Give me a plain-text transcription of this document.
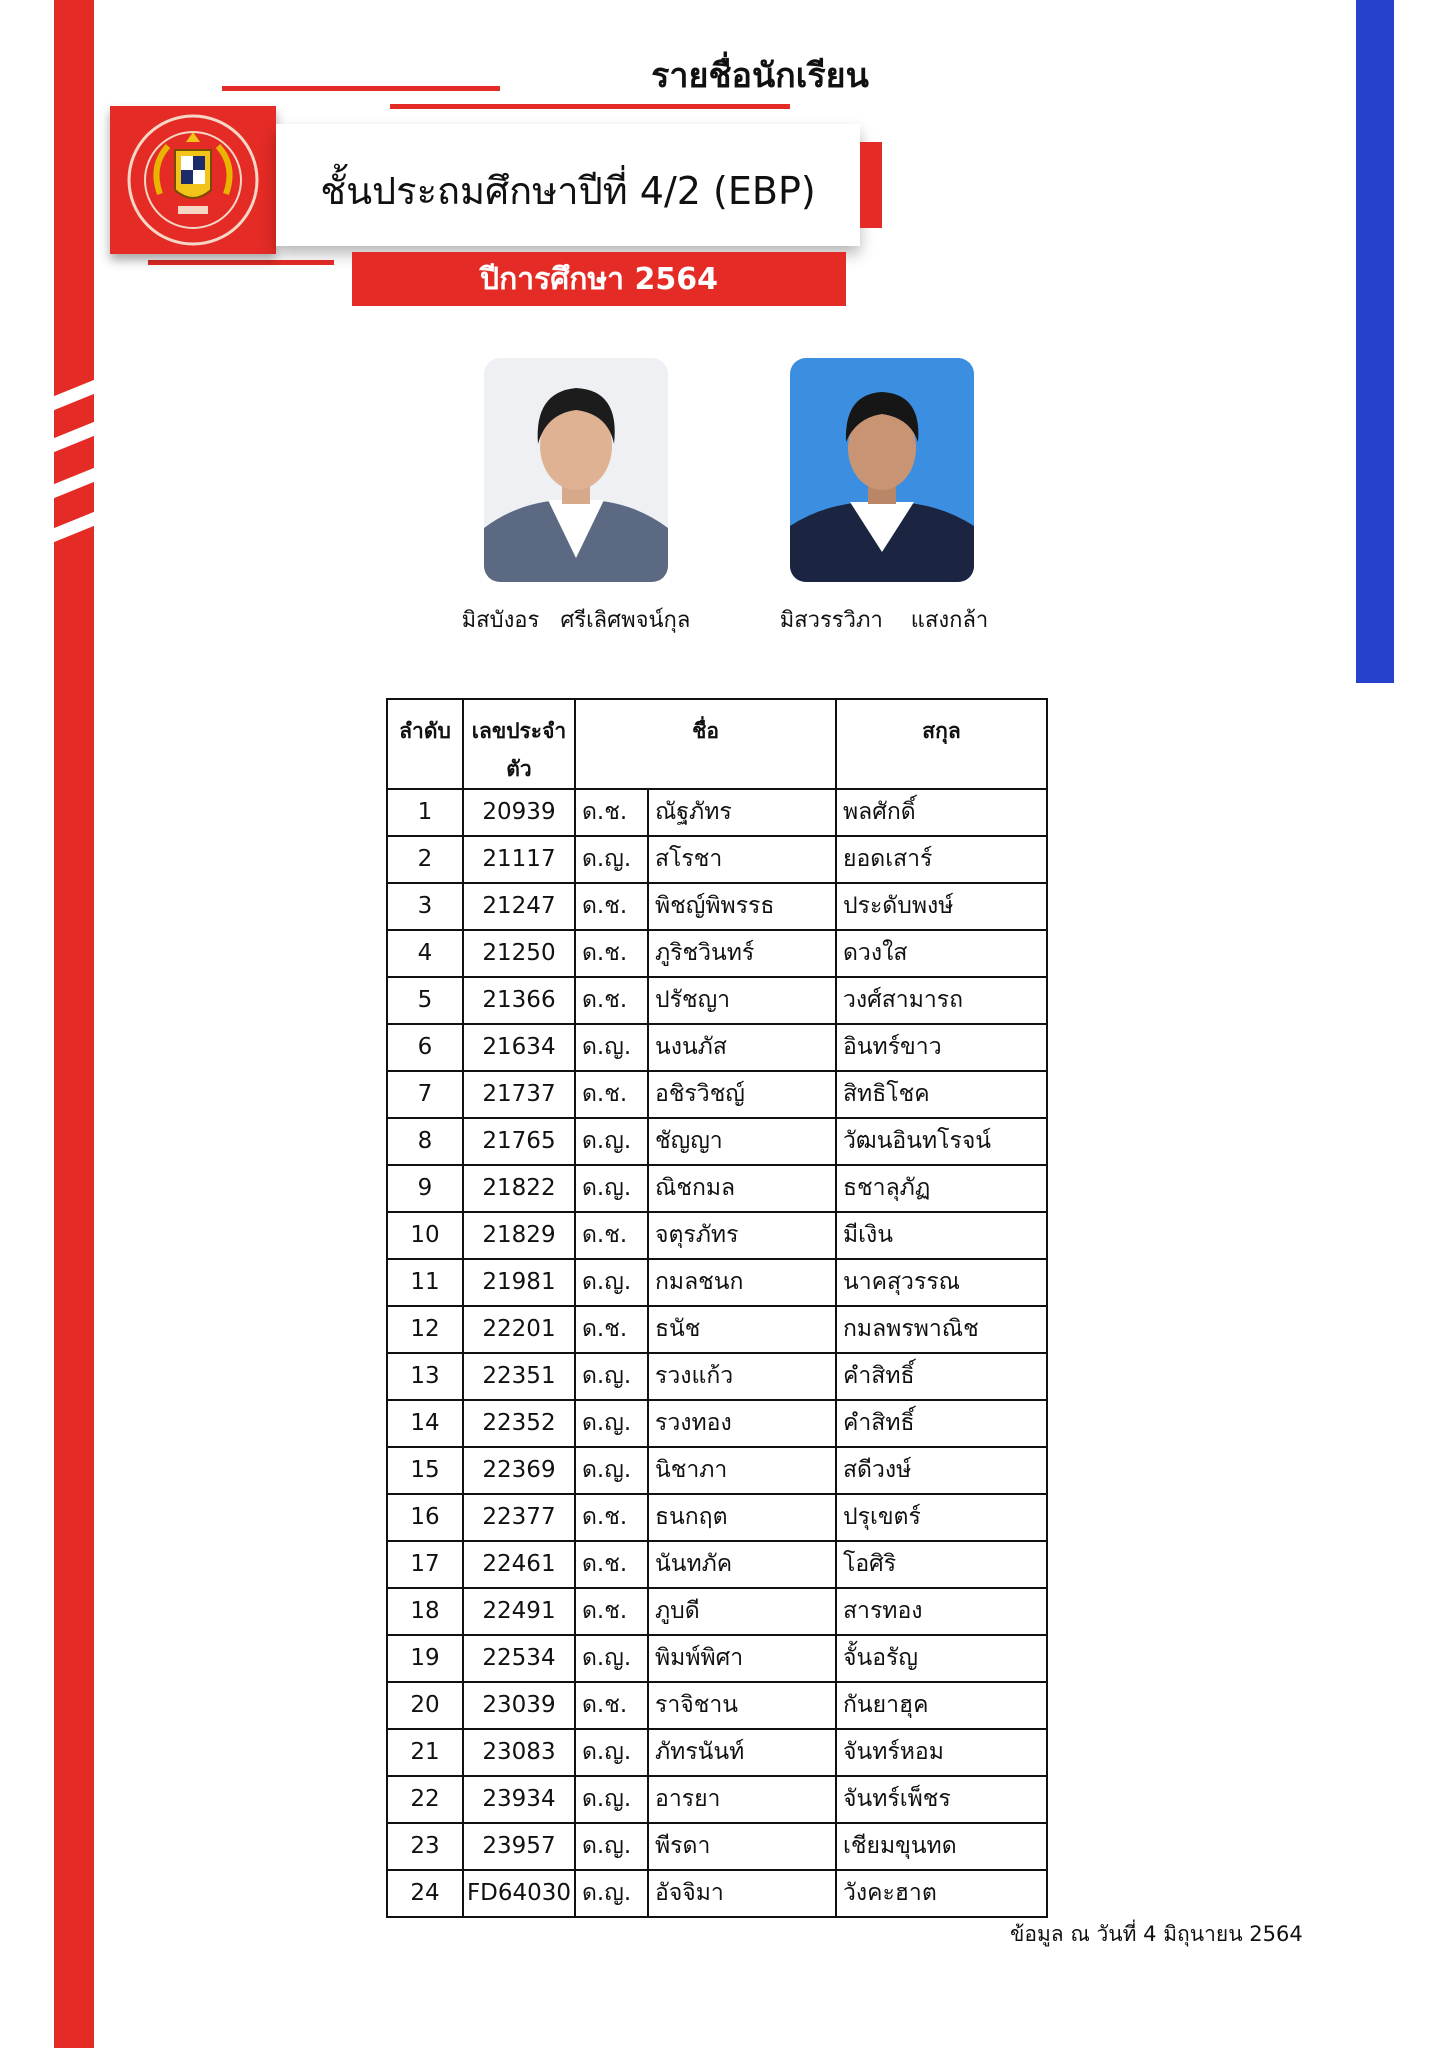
รายชื่อนักเรียน
ชั้นประถมศึกษาปีที่ 4/2 (EBP)
ปีการศึกษา 2564
มิสบังอร   ศรีเลิศพจน์กุล	มิสวรรวิภา    แสงกล้า
ลำดับ	เลขประจำตัว	ชื่อ		สกุล
1	20939	ด.ช.	ณัฐภัทร	พลศักดิ์
2	21117	ด.ญ.	สโรชา	ยอดเสาร์
3	21247	ด.ช.	พิชญ์พิพรรธ	ประดับพงษ์
4	21250	ด.ช.	ภูริชวินทร์	ดวงใส
5	21366	ด.ช.	ปรัชญา	วงศ์สามารถ
6	21634	ด.ญ.	นงนภัส	อินทร์ขาว
7	21737	ด.ช.	อชิรวิชญ์	สิทธิโชค
8	21765	ด.ญ.	ชัญญา	วัฒนอินทโรจน์
9	21822	ด.ญ.	ณิชกมล	ธชาลุภัฏ
10	21829	ด.ช.	จตุรภัทร	มีเงิน
11	21981	ด.ญ.	กมลชนก	นาคสุวรรณ
12	22201	ด.ช.	ธนัช	กมลพรพาณิช
13	22351	ด.ญ.	รวงแก้ว	คำสิทธิ์
14	22352	ด.ญ.	รวงทอง	คำสิทธิ์
15	22369	ด.ญ.	นิชาภา	สดีวงษ์
16	22377	ด.ช.	ธนกฤต	ปรุเขตร์
17	22461	ด.ช.	นันทภัค	โอศิริ
18	22491	ด.ช.	ภูบดี	สารทอง
19	22534	ด.ญ.	พิมพ์พิศา	จั้นอรัญ
20	23039	ด.ช.	ราจิชาน	กันยาฮุค
21	23083	ด.ญ.	ภัทรนันท์	จันทร์หอม
22	23934	ด.ญ.	อารยา	จันทร์เพ็ชร
23	23957	ด.ญ.	พีรดา	เชียมขุนทด
24	FD64030	ด.ญ.	อัจจิมา	วังคะฮาต
ข้อมูล ณ วันที่ 4 มิถุนายน 2564
